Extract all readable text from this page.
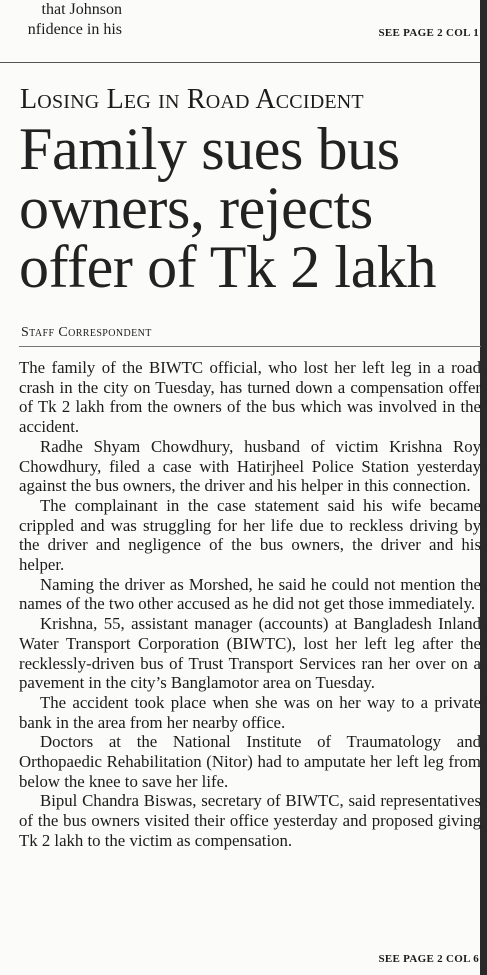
that Johnson
nfidence in his	SEE PAGE 2 COL 1
Losing Leg in Road Accident
Family sues bus
owners, rejects
offer of Tk 2 lakh
Staff Correspondent

The family of the BIWTC official, who lost her left leg in a road crash in the city on Tuesday, has turned down a compensation offer of Tk 2 lakh from the owners of the bus which was involved in the accident.

Radhe Shyam Chowdhury, husband of victim Krishna Roy Chowdhury, filed a case with Hatirjheel Police Station yesterday against the bus owners, the driver and his helper in this connection.

The complainant in the case statement said his wife became crippled and was struggling for her life due to reckless driving by the driver and negligence of the bus owners, the driver and his helper.

Naming the driver as Morshed, he said he could not mention the names of the two other accused as he did not get those immediately.

Krishna, 55, assistant manager (accounts) at Bangladesh Inland Water Transport Corporation (BIWTC), lost her left leg after the recklessly-driven bus of Trust Transport Services ran her over on a pavement in the city’s Banglamotor area on Tuesday.

The accident took place when she was on her way to a private bank in the area from her nearby office.

Doctors at the National Institute of Traumatology and Orthopaedic Rehabilitation (Nitor) had to amputate her left leg from below the knee to save her life.

Bipul Chandra Biswas, secretary of BIWTC, said representatives of the bus owners visited their office yesterday and proposed giving Tk 2 lakh to the victim as compensation.

SEE PAGE 2 COL 6
